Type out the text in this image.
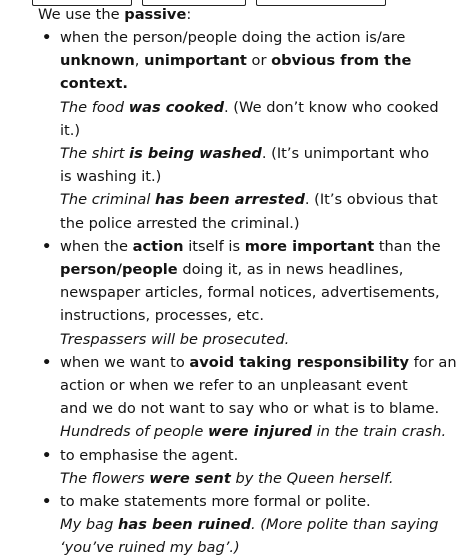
We use the passive:
• when the person/people doing the action is/are
unknown, unimportant or obvious from the
context.
The food was cooked. (We don’t know who cooked
it.)
The shirt is being washed. (It’s unimportant who
is washing it.)
The criminal has been arrested. (It’s obvious that
the police arrested the criminal.)
• when the action itself is more important than the
person/people doing it, as in news headlines,
newspaper articles, formal notices, advertisements,
instructions, processes, etc.
Trespassers will be prosecuted.
• when we want to avoid taking responsibility for an
action or when we refer to an unpleasant event
and we do not want to say who or what is to blame.
Hundreds of people were injured in the train crash.
• to emphasise the agent.
The flowers were sent by the Queen herself.
• to make statements more formal or polite.
My bag has been ruined. (More polite than saying
‘you’ve ruined my bag’.)
